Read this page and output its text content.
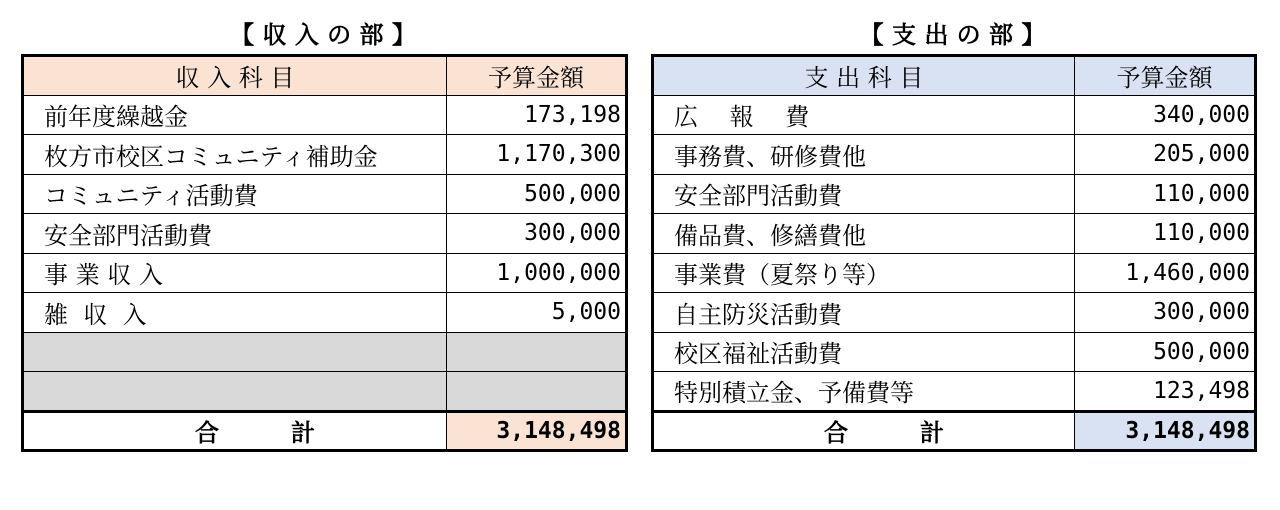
【 収 入 の 部 】
収 入 科 目	予算金額
前年度繰越金	173,198
枚方市校区コミュニティ補助金	1,170,300
コミュニティ活動費	500,000
安全部門活動費	300,000
事 業 収 入	1,000,000
雑  収  入	5,000

合　　　計	3,148,498
【 支 出 の 部 】
支 出 科 目	予算金額
広　 報　 費	340,000
事務費、研修費他	205,000
安全部門活動費	110,000
備品費、修繕費他	110,000
事業費（夏祭り等）	1,460,000
自主防災活動費	300,000
校区福祉活動費	500,000
特別積立金、予備費等	123,498
合　　　計	3,148,498
